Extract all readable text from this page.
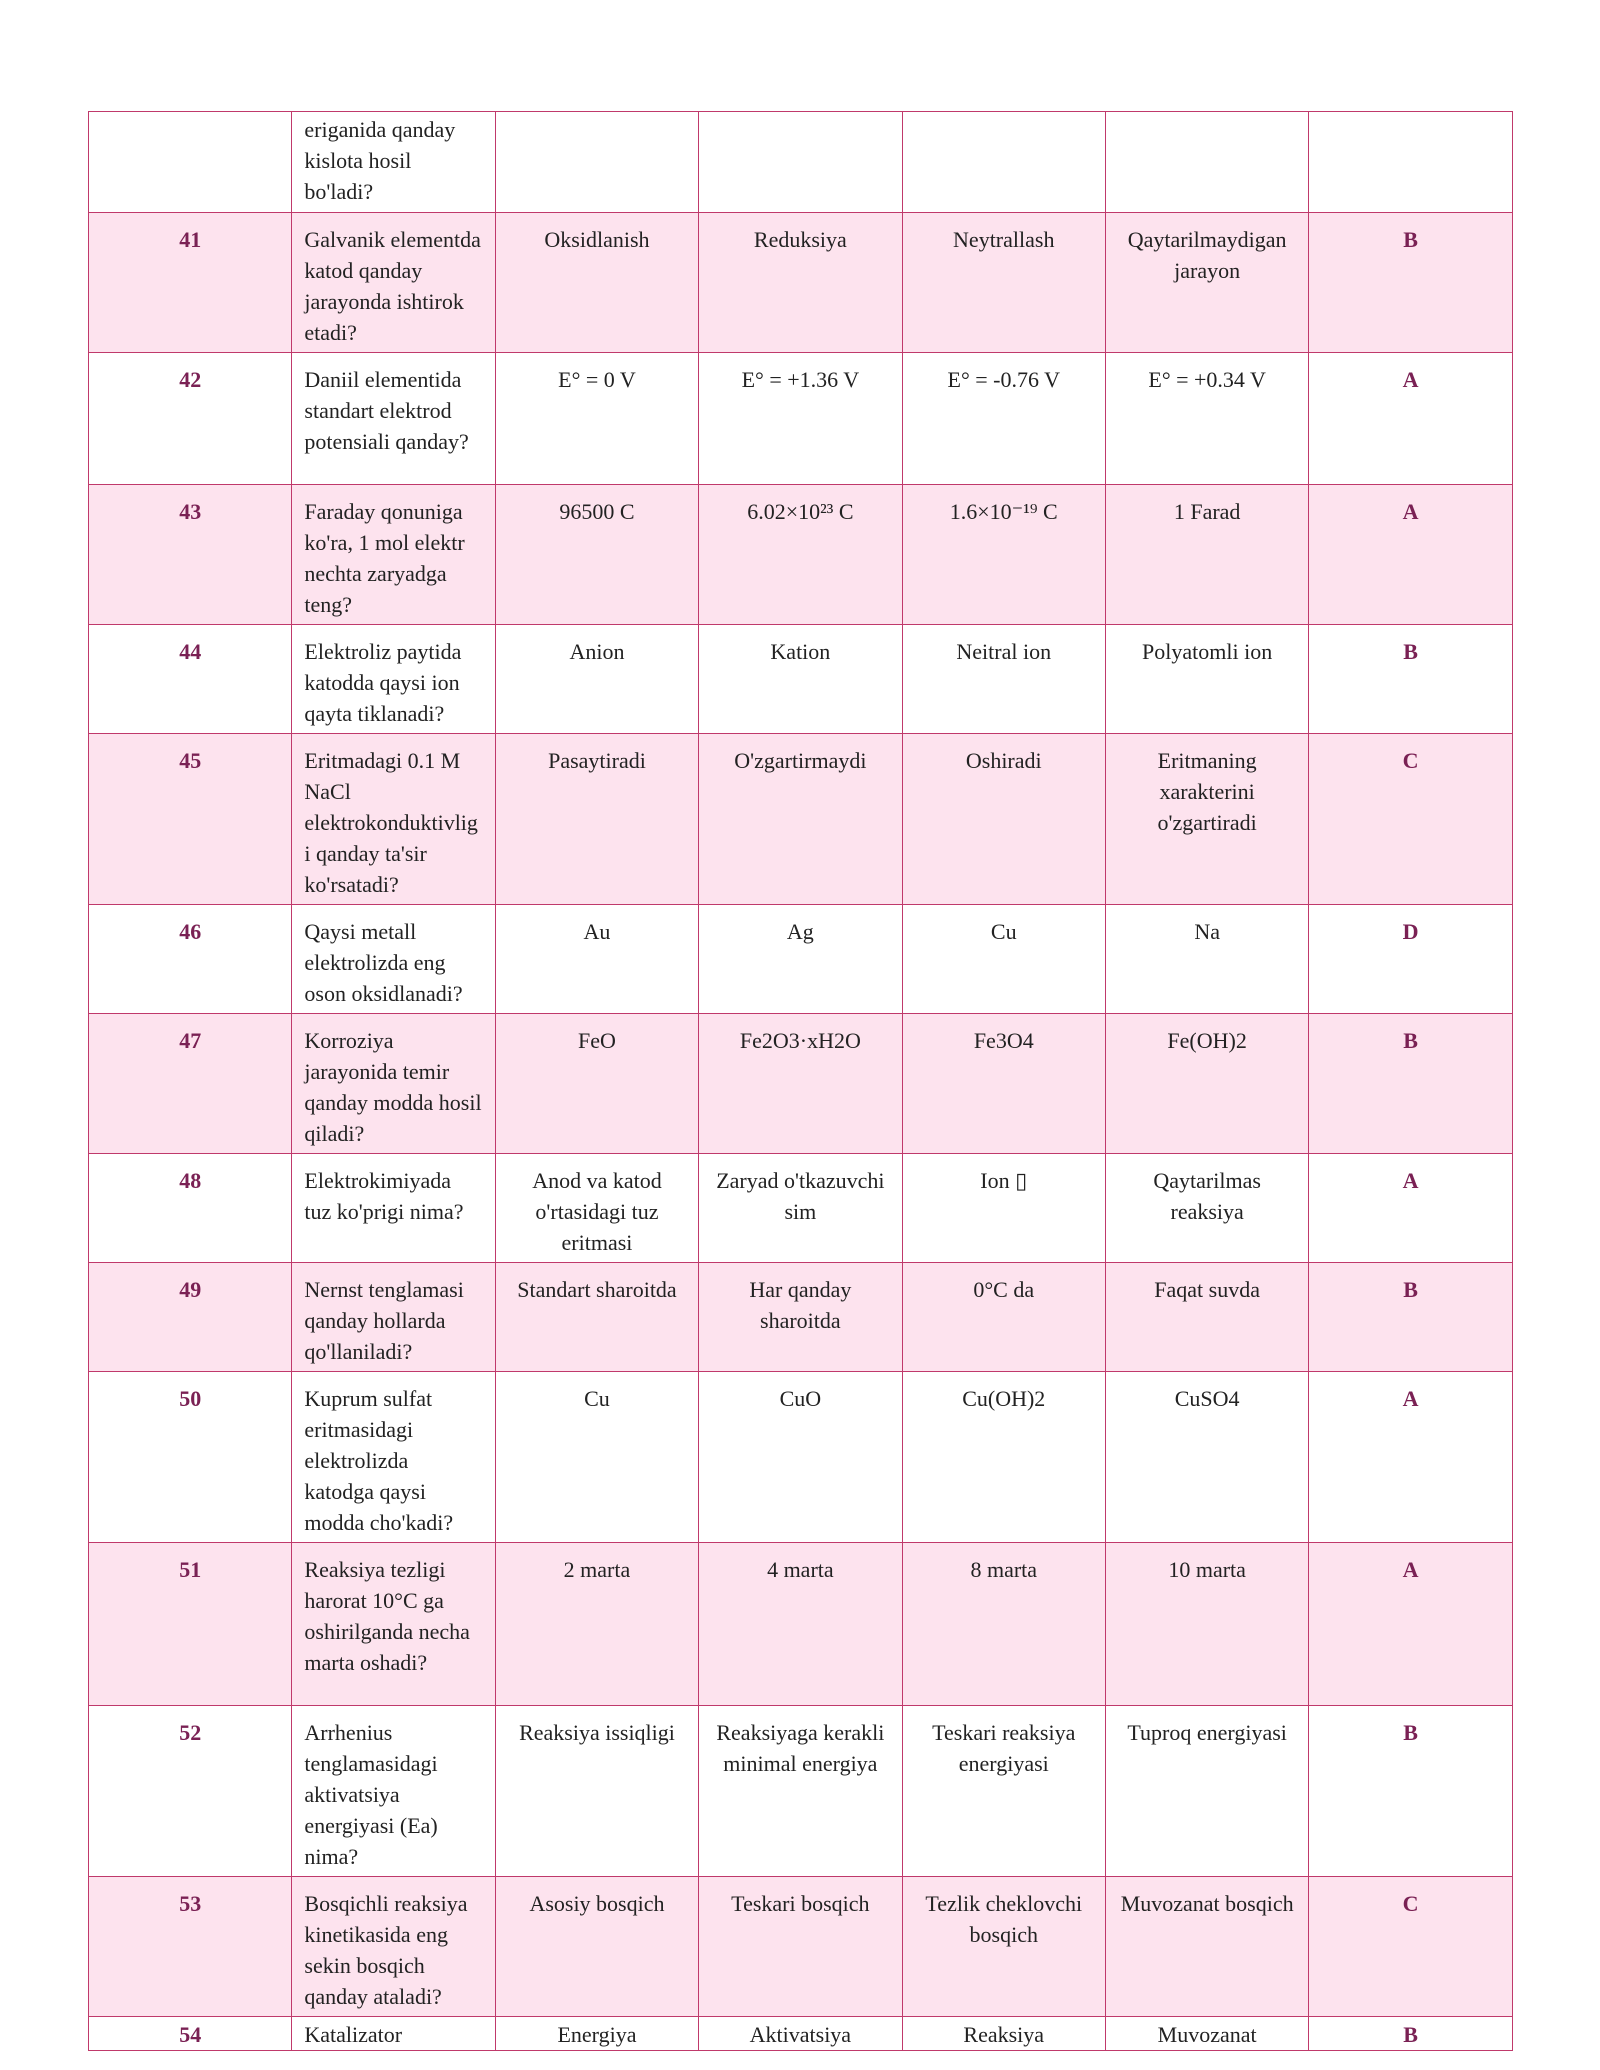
	eriganida qanday kislota hosil bo'ladi?					
41	Galvanik elementda katod qanday jarayonda ishtirok etadi?	Oksidlanish	Reduksiya	Neytrallash	Qaytarilmaydigan jarayon	B
42	Daniil elementida standart elektrod potensiali qanday?	E° = 0 V	E° = +1.36 V	E° = -0.76 V	E° = +0.34 V	A
43	Faraday qonuniga ko'ra, 1 mol elektr nechta zaryadga teng?	96500 C	6.02×10²³ C	1.6×10⁻¹⁹ C	1 Farad	A
44	Elektroliz paytida katodda qaysi ion qayta tiklanadi?	Anion	Kation	Neitral ion	Polyatomli ion	B
45	Eritmadagi 0.1 M NaCl elektrokonduktivligi qanday ta'sir ko'rsatadi?	Pasaytiradi	O'zgartirmaydi	Oshiradi	Eritmaning xarakterini o'zgartiradi	C
46	Qaysi metall elektrolizda eng oson oksidlanadi?	Au	Ag	Cu	Na	D
47	Korroziya jarayonida temir qanday modda hosil qiladi?	FeO	Fe2O3·xH2O	Fe3O4	Fe(OH)2	B
48	Elektrokimiyada tuz ko'prigi nima?	Anod va katod o'rtasidagi tuz eritmasi	Zaryad o'tkazuvchi sim	Ion ▯	Qaytarilmas reaksiya	A
49	Nernst tenglamasi qanday hollarda qo'llaniladi?	Standart sharoitda	Har qanday sharoitda	0°C da	Faqat suvda	B
50	Kuprum sulfat eritmasidagi elektrolizda katodga qaysi modda cho'kadi?	Cu	CuO	Cu(OH)2	CuSO4	A
51	Reaksiya tezligi harorat 10°C ga oshirilganda necha marta oshadi?	2 marta	4 marta	8 marta	10 marta	A
52	Arrhenius tenglamasidagi aktivatsiya energiyasi (Ea) nima?	Reaksiya issiqligi	Reaksiyaga kerakli minimal energiya	Teskari reaksiya energiyasi	Tuproq energiyasi	B
53	Bosqichli reaksiya kinetikasida eng sekin bosqich qanday ataladi?	Asosiy bosqich	Teskari bosqich	Tezlik cheklovchi bosqich	Muvozanat bosqich	C
54	Katalizator	Energiya	Aktivatsiya	Reaksiya	Muvozanat	B
